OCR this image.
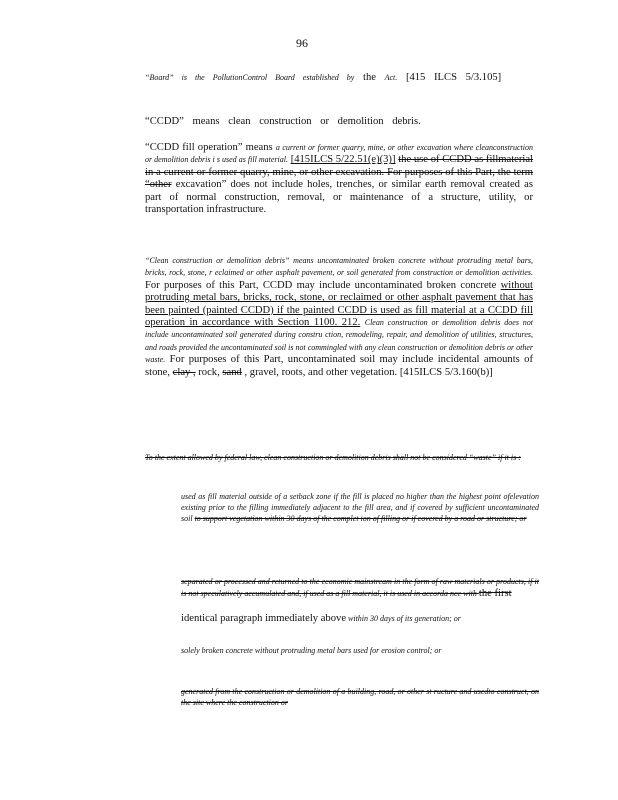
96
“Board” is the PollutionControl Board established by the Act. [415 ILCS 5/3.105]
“CCDD” means clean construction or demolition debris.
“CCDD fill operation” means a current or former quarry, mine, or other excavation where cleanconstruction or demolition debris i s used as fill material. [415ILCS 5/22.51(e)(3)] the use of CCDD as fillmaterial in a current or former quarry, mine, or other excavation. For purposes of this Part, the term “other excavation” does not include holes, trenches, or similar earth removal created as part of normal construction, removal, or maintenance of a structure, utility, or transportation infrastructure.
“Clean construction or demolition debris” means uncontaminated broken concrete without protruding metal bars, bricks, rock, stone, r eclaimed or other asphalt pavement, or soil generated from construction or demolition activities. For purposes of this Part, CCDD may include uncontaminated broken concrete without protruding metal bars, bricks, rock, stone, or reclaimed or other asphalt pavement that has been painted (painted CCDD) if the painted CCDD is used as fill material at a CCDD fill operation in accordance with Section 1100. 212. Clean construction or demolition debris does not include uncontaminated soil generated during constru ction, remodeling, repair, and demolition of utilities, structures, and roads provided the uncontaminated soil is not commingled with any clean construction or demolition debris or other waste. For purposes of this Part, uncontaminated soil may include incidental amounts of stone, clay , rock, sand , gravel, roots, and other vegetation. [415ILCS 5/3.160(b)]
To the extent allowed by federal law, clean construction or demolition debris shall not be considered “waste” if it is :
used as fill material outside of a setback zone if the fill is placed no higher than the highest point ofelevation existing prior to the filling immediately adjacent to the fill area, and if covered by sufficient uncontaminated soil to support vegetation within 30 days of the complet ion of filling or if covered by a road or structure; or
separated or processed and returned to the economic mainstream in the form of raw materials or products, if it is not speculatively accumulated and, if used as a fill material, it is used in accorda nce with the first
identical paragraph immediately above within 30 days of its generation; or
solely broken concrete without protruding metal bars used for erosion control; or
generated from the construction or demolition of a building, road, or other st ructure and usedto construct, on the site where the construction or
